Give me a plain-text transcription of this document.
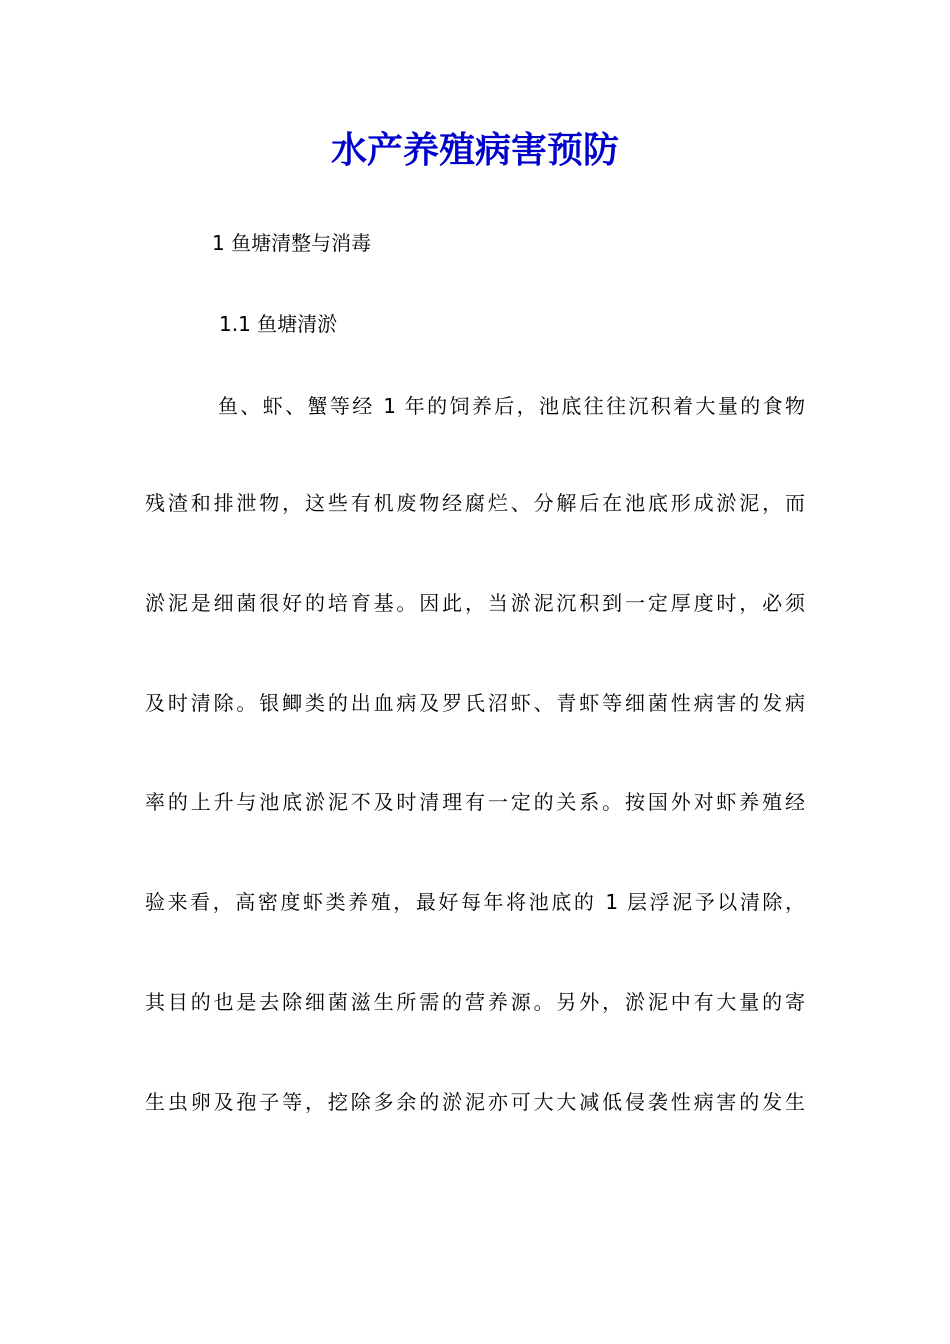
水产养殖病害预防

1 鱼塘清整与消毒

1.1 鱼塘清淤

鱼、虾、蟹等经 1 年的饲养后，池底往往沉积着大量的食物

残渣和排泄物，这些有机废物经腐烂、分解后在池底形成淤泥，而

淤泥是细菌很好的培育基。因此，当淤泥沉积到一定厚度时，必须

及时清除。银鲫类的出血病及罗氏沼虾、青虾等细菌性病害的发病

率的上升与池底淤泥不及时清理有一定的关系。按国外对虾养殖经

验来看，高密度虾类养殖，最好每年将池底的 1 层浮泥予以清除，

其目的也是去除细菌滋生所需的营养源。另外，淤泥中有大量的寄

生虫卵及孢子等，挖除多余的淤泥亦可大大减低侵袭性病害的发生
